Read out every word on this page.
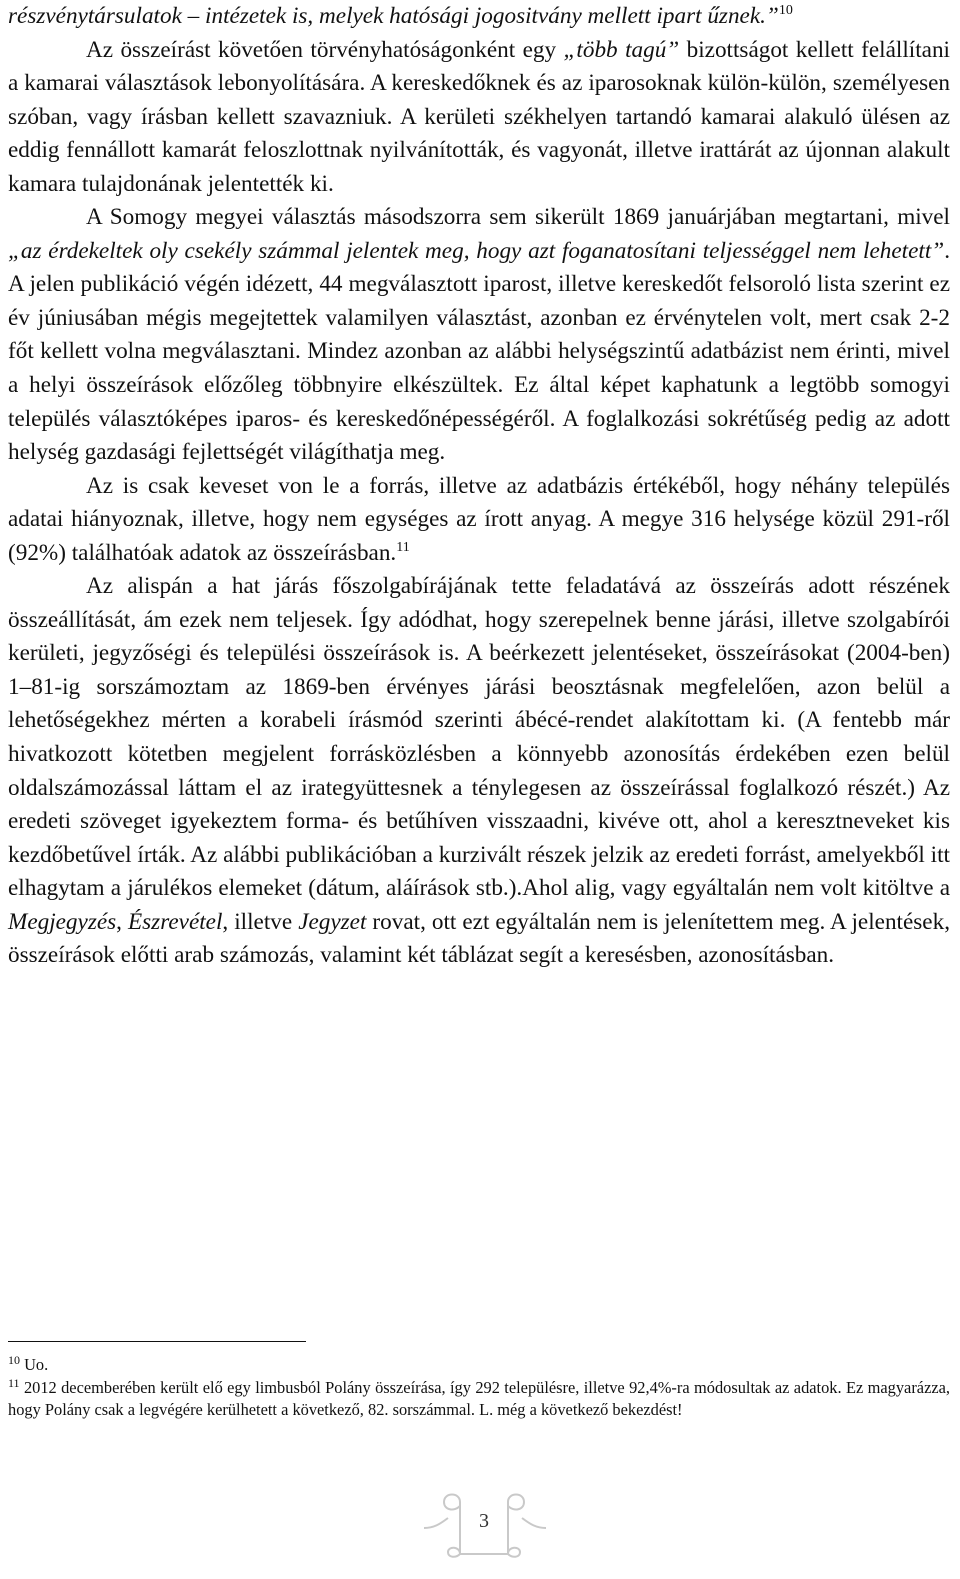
részvénytársulatok – intézetek is, melyek hatósági jogositvány mellett ipart űznek.”$^{10}$
Az összeírást követően törvényhatóságonként egy „több tagú” bizottságot kellett felállítani a kamarai választások lebonyolítására. A kereskedőknek és az iparosoknak külön-külön, személyesen szóban, vagy írásban kellett szavazniuk. A kerületi székhelyen tartandó kamarai alakuló ülésen az eddig fennállott kamarát feloszlottnak nyilvánították, és vagyonát, illetve irattárát az újonnan alakult kamara tulajdonának jelentették ki.
A Somogy megyei választás másodszorra sem sikerült 1869 januárjában megtartani, mivel „az érdekeltek oly csekély számmal jelentek meg, hogy azt foganatosítani teljességgel nem lehetett”. A jelen publikáció végén idézett, 44 megválasztott iparost, illetve kereskedőt felsoroló lista szerint ez év júniusában mégis megejtettek valamilyen választást, azonban ez érvénytelen volt, mert csak 2-2 főt kellett volna megválasztani. Mindez azonban az alábbi helységszintű adatbázist nem érinti, mivel a helyi összeírások előzőleg többnyire elkészültek. Ez által képet kaphatunk a legtöbb somogyi település választóképes iparos- és kereskedőnépességéről. A foglalkozási sokrétűség pedig az adott helység gazdasági fejlettségét világíthatja meg.
Az is csak keveset von le a forrás, illetve az adatbázis értékéből, hogy néhány település adatai hiányoznak, illetve, hogy nem egységes az írott anyag. A megye 316 helysége közül 291-ről (92%) találhatóak adatok az összeírásban.$^{11}$
Az alispán a hat járás főszolgabírájának tette feladatává az összeírás adott részének összeállítását, ám ezek nem teljesek. Így adódhat, hogy szerepelnek benne járási, illetve szolgabírói kerületi, jegyzőségi és települési összeírások is. A beérkezett jelentéseket, összeírásokat (2004-ben) 1–81-ig sorszámoztam az 1869-ben érvényes járási beosztásnak megfelelően, azon belül a lehetőségekhez mérten a korabeli írásmód szerinti ábécé-rendet alakítottam ki. (A fentebb már hivatkozott kötetben megjelent forrásközlésben a könnyebb azonosítás érdekében ezen belül oldalszámozással láttam el az irategyüttesnek a ténylegesen az összeírással foglalkozó részét.) Az eredeti szöveget igyekeztem forma- és betűhíven visszaadni, kivéve ott, ahol a keresztneveket kis kezdőbetűvel írták. Az alábbi publikációban a kurzivált részek jelzik az eredeti forrást, amelyekből itt elhagytam a járulékos elemeket (dátum, aláírások stb.).Ahol alig, vagy egyáltalán nem volt kitöltve a Megjegyzés, Észrevétel, illetve Jegyzet rovat, ott ezt egyáltalán nem is jelenítettem meg. A jelentések, összeírások előtti arab számozás, valamint két táblázat segít a keresésben, azonosításban.
$^{10}$ Uo.
$^{11}$ 2012 decemberében került elő egy limbusból Polány összeírása, így 292 településre, illetve 92,4%-ra módosultak az adatok. Ez magyarázza, hogy Polány csak a legvégére kerülhetett a következő, 82. sorszámmal. L. még a következő bekezdést!
3
